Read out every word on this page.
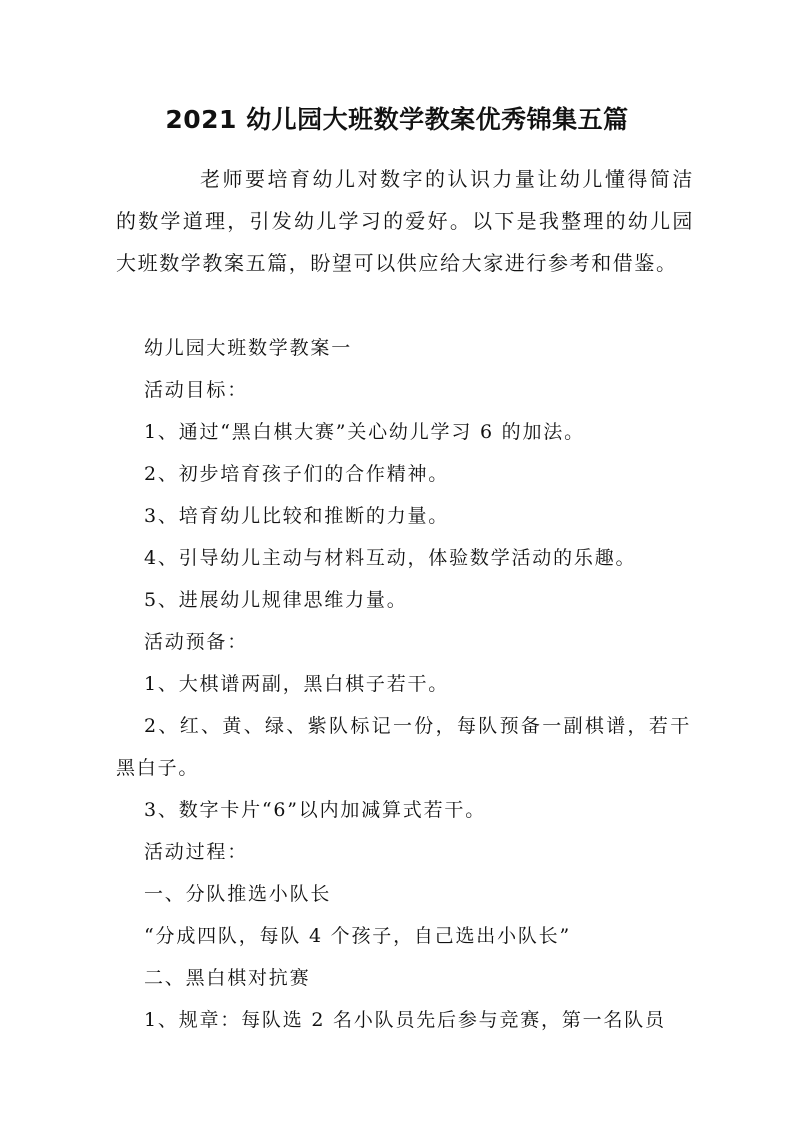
2021 幼儿园大班数学教案优秀锦集五篇
老师要培育幼儿对数字的认识力量让幼儿懂得简洁的数学道理，引发幼儿学习的爱好。以下是我整理的幼儿园大班数学教案五篇，盼望可以供应给大家进行参考和借鉴。
幼儿园大班数学教案一
活动目标：
1、通过“黑白棋大赛”关心幼儿学习 6 的加法。
2、初步培育孩子们的合作精神。
3、培育幼儿比较和推断的力量。
4、引导幼儿主动与材料互动，体验数学活动的乐趣。
5、进展幼儿规律思维力量。
活动预备：
1、大棋谱两副，黑白棋子若干。
2、红、黄、绿、紫队标记一份，每队预备一副棋谱，若干黑白子。
3、数字卡片“6”以内加减算式若干。
活动过程：
一、分队推选小队长
“分成四队，每队 4 个孩子，自己选出小队长”
二、黑白棋对抗赛
1、规章：每队选 2 名小队员先后参与竞赛，第一名队员
